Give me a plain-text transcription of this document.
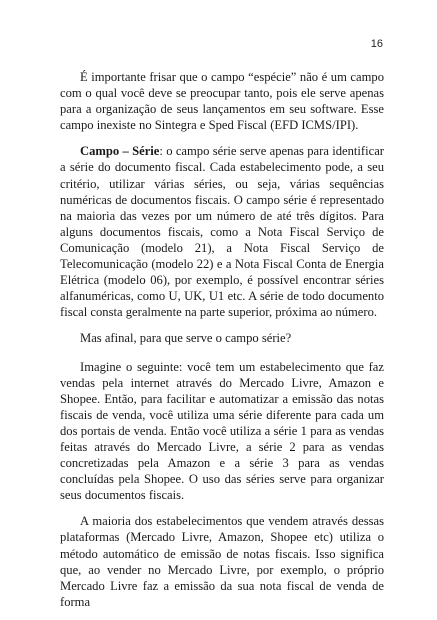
16

É importante frisar que o campo “espécie” não é um campo com o qual você deve se preocupar tanto, pois ele serve apenas para a organização de seus lançamentos em seu software. Esse campo inexiste no Sintegra e Sped Fiscal (EFD ICMS/IPI).

Campo – Série: o campo série serve apenas para identificar a série do documento fiscal. Cada estabelecimento pode, a seu critério, utilizar várias séries, ou seja, várias sequências numéricas de documentos fiscais. O campo série é representado na maioria das vezes por um número de até três dígitos. Para alguns documentos fiscais, como a Nota Fiscal Serviço de Comunicação (modelo 21), a Nota Fiscal Serviço de Telecomunicação (modelo 22) e a Nota Fiscal Conta de Energia Elétrica (modelo 06), por exemplo, é possível encontrar séries alfanuméricas, como U, UK, U1 etc. A série de todo documento fiscal consta geralmente na parte superior, próxima ao número.

Mas afinal, para que serve o campo série?

Imagine o seguinte: você tem um estabelecimento que faz vendas pela internet através do Mercado Livre, Amazon e Shopee. Então, para facilitar e automatizar a emissão das notas fiscais de venda, você utiliza uma série diferente para cada um dos portais de venda. Então você utiliza a série 1 para as vendas feitas através do Mercado Livre, a série 2 para as vendas concretizadas pela Amazon e a série 3 para as vendas concluídas pela Shopee. O uso das séries serve para organizar seus documentos fiscais.

A maioria dos estabelecimentos que vendem através dessas plataformas (Mercado Livre, Amazon, Shopee etc) utiliza o método automático de emissão de notas fiscais. Isso significa que, ao vender no Mercado Livre, por exemplo, o próprio Mercado Livre faz a emissão da sua nota fiscal de venda de forma
